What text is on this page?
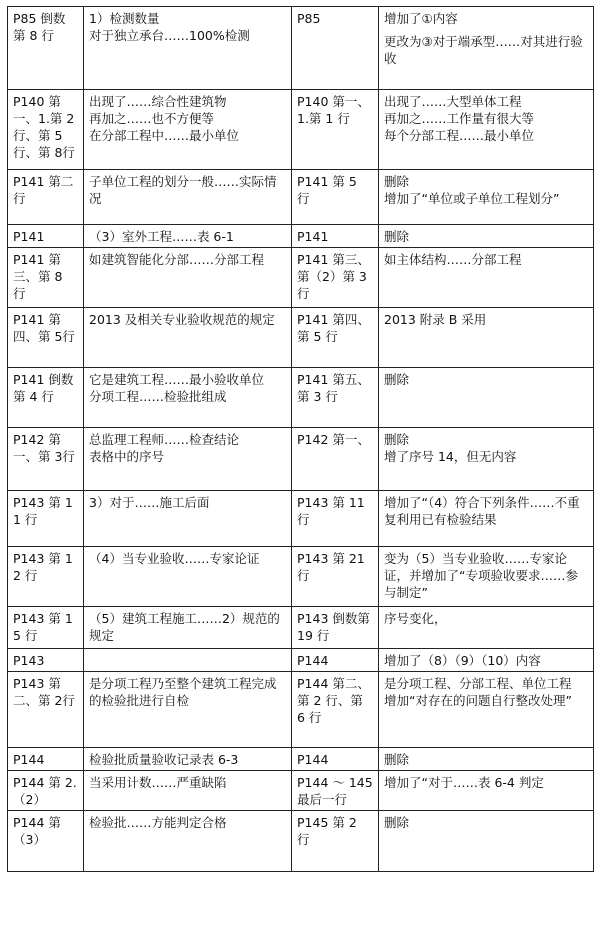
P85 倒数
第 8 行	1）检测数量
对于独立承台……100%检测	P85	增加了①内容
更改为③对于端承型……对其进行验收

P140 第一、1.第 2行、第 5行、第 8行	出现了……综合性建筑物
再加之……也不方便等
在分部工程中……最小单位	P140 第一、1.第 1 行	出现了……大型单体工程
再加之……工作量有很大等
每个分部工程……最小单位

P141 第二行	子单位工程的划分一般……实际情况	P141 第 5 行	删除
增加了“单位或子单位工程划分”

P141	（3）室外工程……表 6-1	P141	删除

P141 第三、第 8 行	如建筑智能化分部……分部工程	P141 第三、第（2）第 3行	如主体结构……分部工程

P141 第四、第 5行	2013 及相关专业验收规范的规定	P141 第四、第 5 行	2013 附录 B 采用

P141 倒数第 4 行	它是建筑工程……最小验收单位
分项工程……检验批组成	P141 第五、第 3 行	删除

P142 第一、第 3行	总监理工程师……检查结论
表格中的序号	P142 第一、	删除
增了序号 14，但无内容

P143 第 11 行	3）对于……施工后面	P143 第 11 行	增加了“（4）符合下列条件……不重复利用已有检验结果

P143 第 12 行	（4）当专业验收……专家论证	P143 第 21 行	变为（5）当专业验收……专家论证，并增加了“专项验收要求……参与制定”

P143 第 15 行	（5）建筑工程施工……2）规范的规定	P143 倒数第 19 行	序号变化，

P143		P144	增加了（8）（9）（10）内容

P143 第二、第 2行	是分项工程乃至整个建筑工程完成的检验批进行自检	P144 第二、第 2 行、第 6 行	是分项工程、分部工程、单位工程
增加“对存在的问题自行整改处理”

P144	检验批质量验收记录表 6-3	P144	删除

P144 第 2.（2）	当采用计数……严重缺陷	P144 ～ 145最后一行	增加了“对于……表 6-4 判定

P144 第（3）	检验批……方能判定合格	P145 第 2 行	删除
